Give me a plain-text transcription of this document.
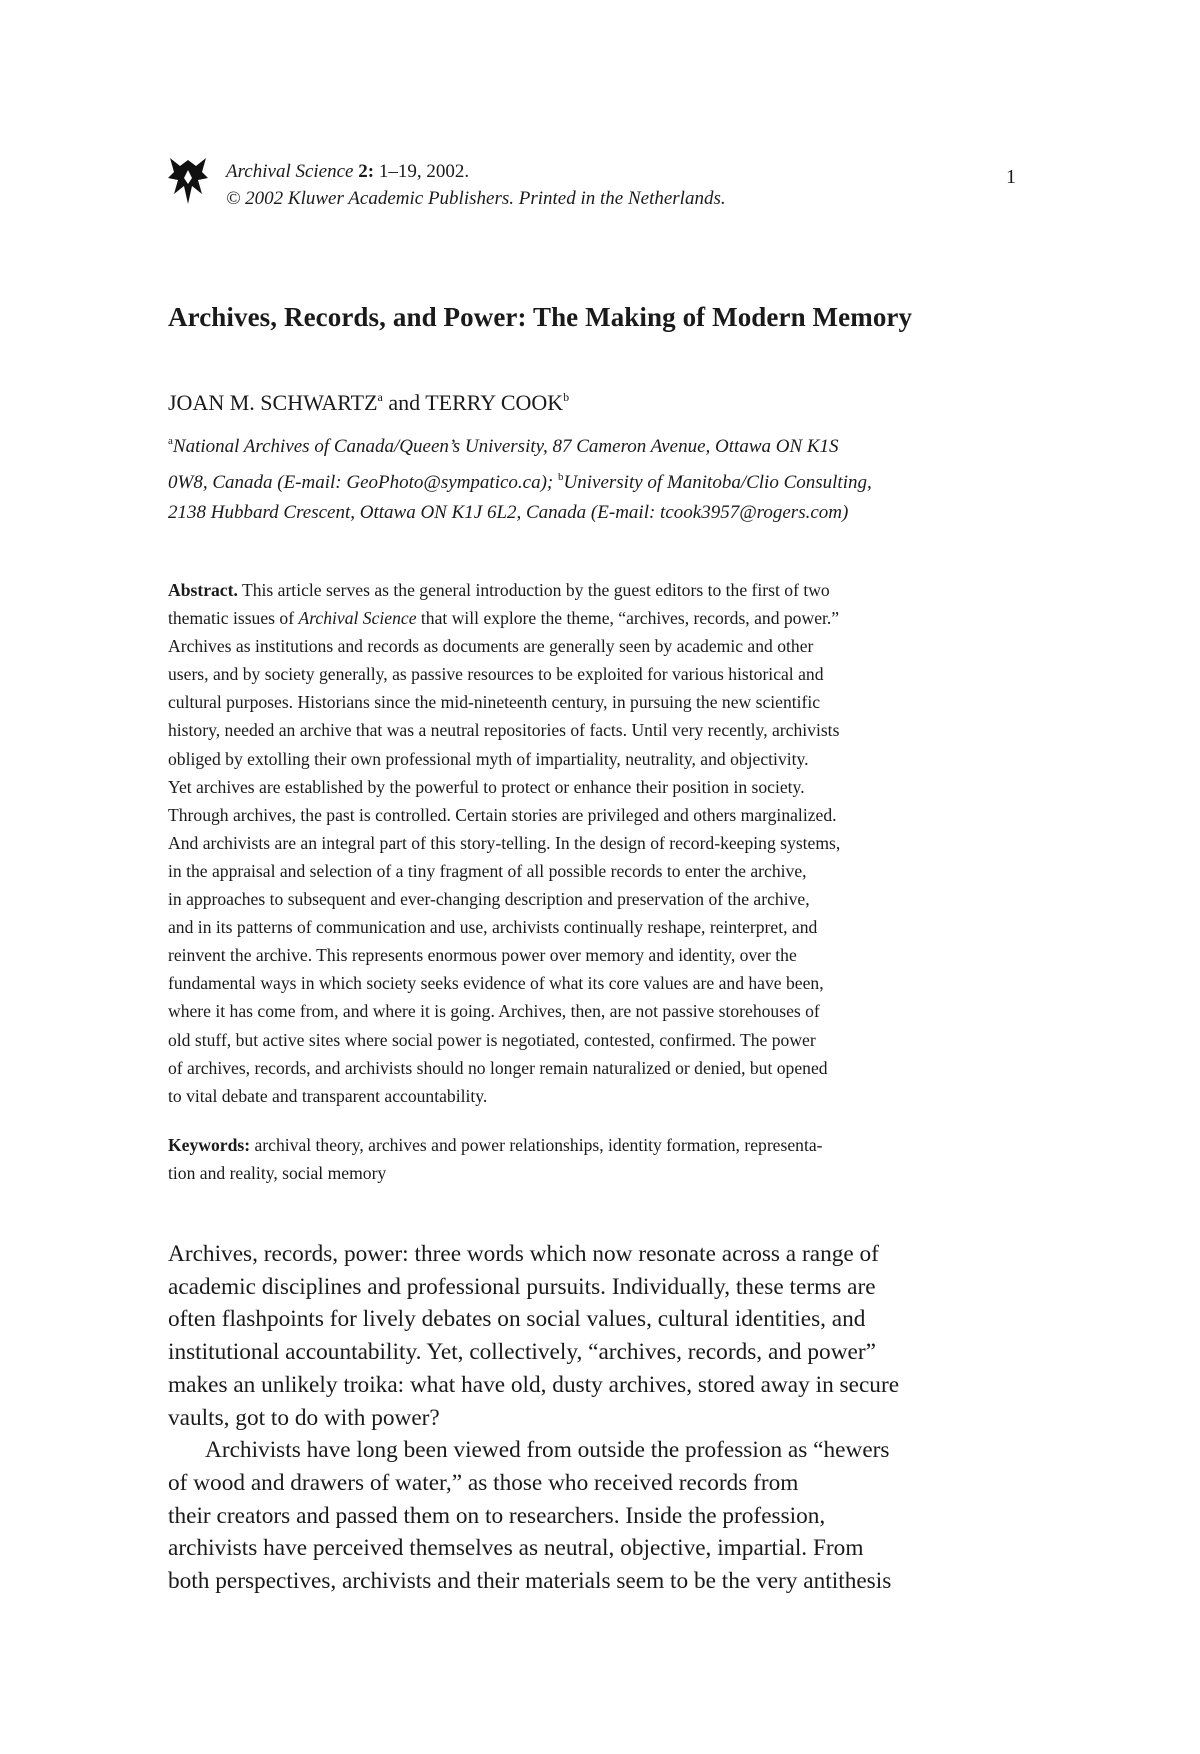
Archival Science 2: 1–19, 2002.
© 2002 Kluwer Academic Publishers. Printed in the Netherlands.
1
Archives, Records, and Power: The Making of Modern Memory
JOAN M. SCHWARTZ$^a$ and TERRY COOK$^b$

$^a$National Archives of Canada/Queen’s University, 87 Cameron Avenue, Ottawa ON K1S

0W8, Canada (E-mail: GeoPhoto@sympatico.ca); $^b$University of Manitoba/Clio Consulting,

2138 Hubbard Crescent, Ottawa ON K1J 6L2, Canada (E-mail: tcook3957@rogers.com)

Abstract. This article serves as the general introduction by the guest editors to the first of two

thematic issues of Archival Science that will explore the theme, “archives, records, and power.”

Archives as institutions and records as documents are generally seen by academic and other

users, and by society generally, as passive resources to be exploited for various historical and

cultural purposes. Historians since the mid-nineteenth century, in pursuing the new scientific

history, needed an archive that was a neutral repositories of facts. Until very recently, archivists

obliged by extolling their own professional myth of impartiality, neutrality, and objectivity.

Yet archives are established by the powerful to protect or enhance their position in society.

Through archives, the past is controlled. Certain stories are privileged and others marginalized.

And archivists are an integral part of this story-telling. In the design of record-keeping systems,

in the appraisal and selection of a tiny fragment of all possible records to enter the archive,

in approaches to subsequent and ever-changing description and preservation of the archive,

and in its patterns of communication and use, archivists continually reshape, reinterpret, and

reinvent the archive. This represents enormous power over memory and identity, over the

fundamental ways in which society seeks evidence of what its core values are and have been,

where it has come from, and where it is going. Archives, then, are not passive storehouses of

old stuff, but active sites where social power is negotiated, contested, confirmed. The power

of archives, records, and archivists should no longer remain naturalized or denied, but opened

to vital debate and transparent accountability.

Keywords: archival theory, archives and power relationships, identity formation, representa-

tion and reality, social memory

Archives, records, power: three words which now resonate across a range of

academic disciplines and professional pursuits. Individually, these terms are

often flashpoints for lively debates on social values, cultural identities, and

institutional accountability. Yet, collectively, “archives, records, and power”

makes an unlikely troika: what have old, dusty archives, stored away in secure

vaults, got to do with power?

Archivists have long been viewed from outside the profession as “hewers

of wood and drawers of water,” as those who received records from

their creators and passed them on to researchers. Inside the profession,

archivists have perceived themselves as neutral, objective, impartial. From

both perspectives, archivists and their materials seem to be the very antithesis
